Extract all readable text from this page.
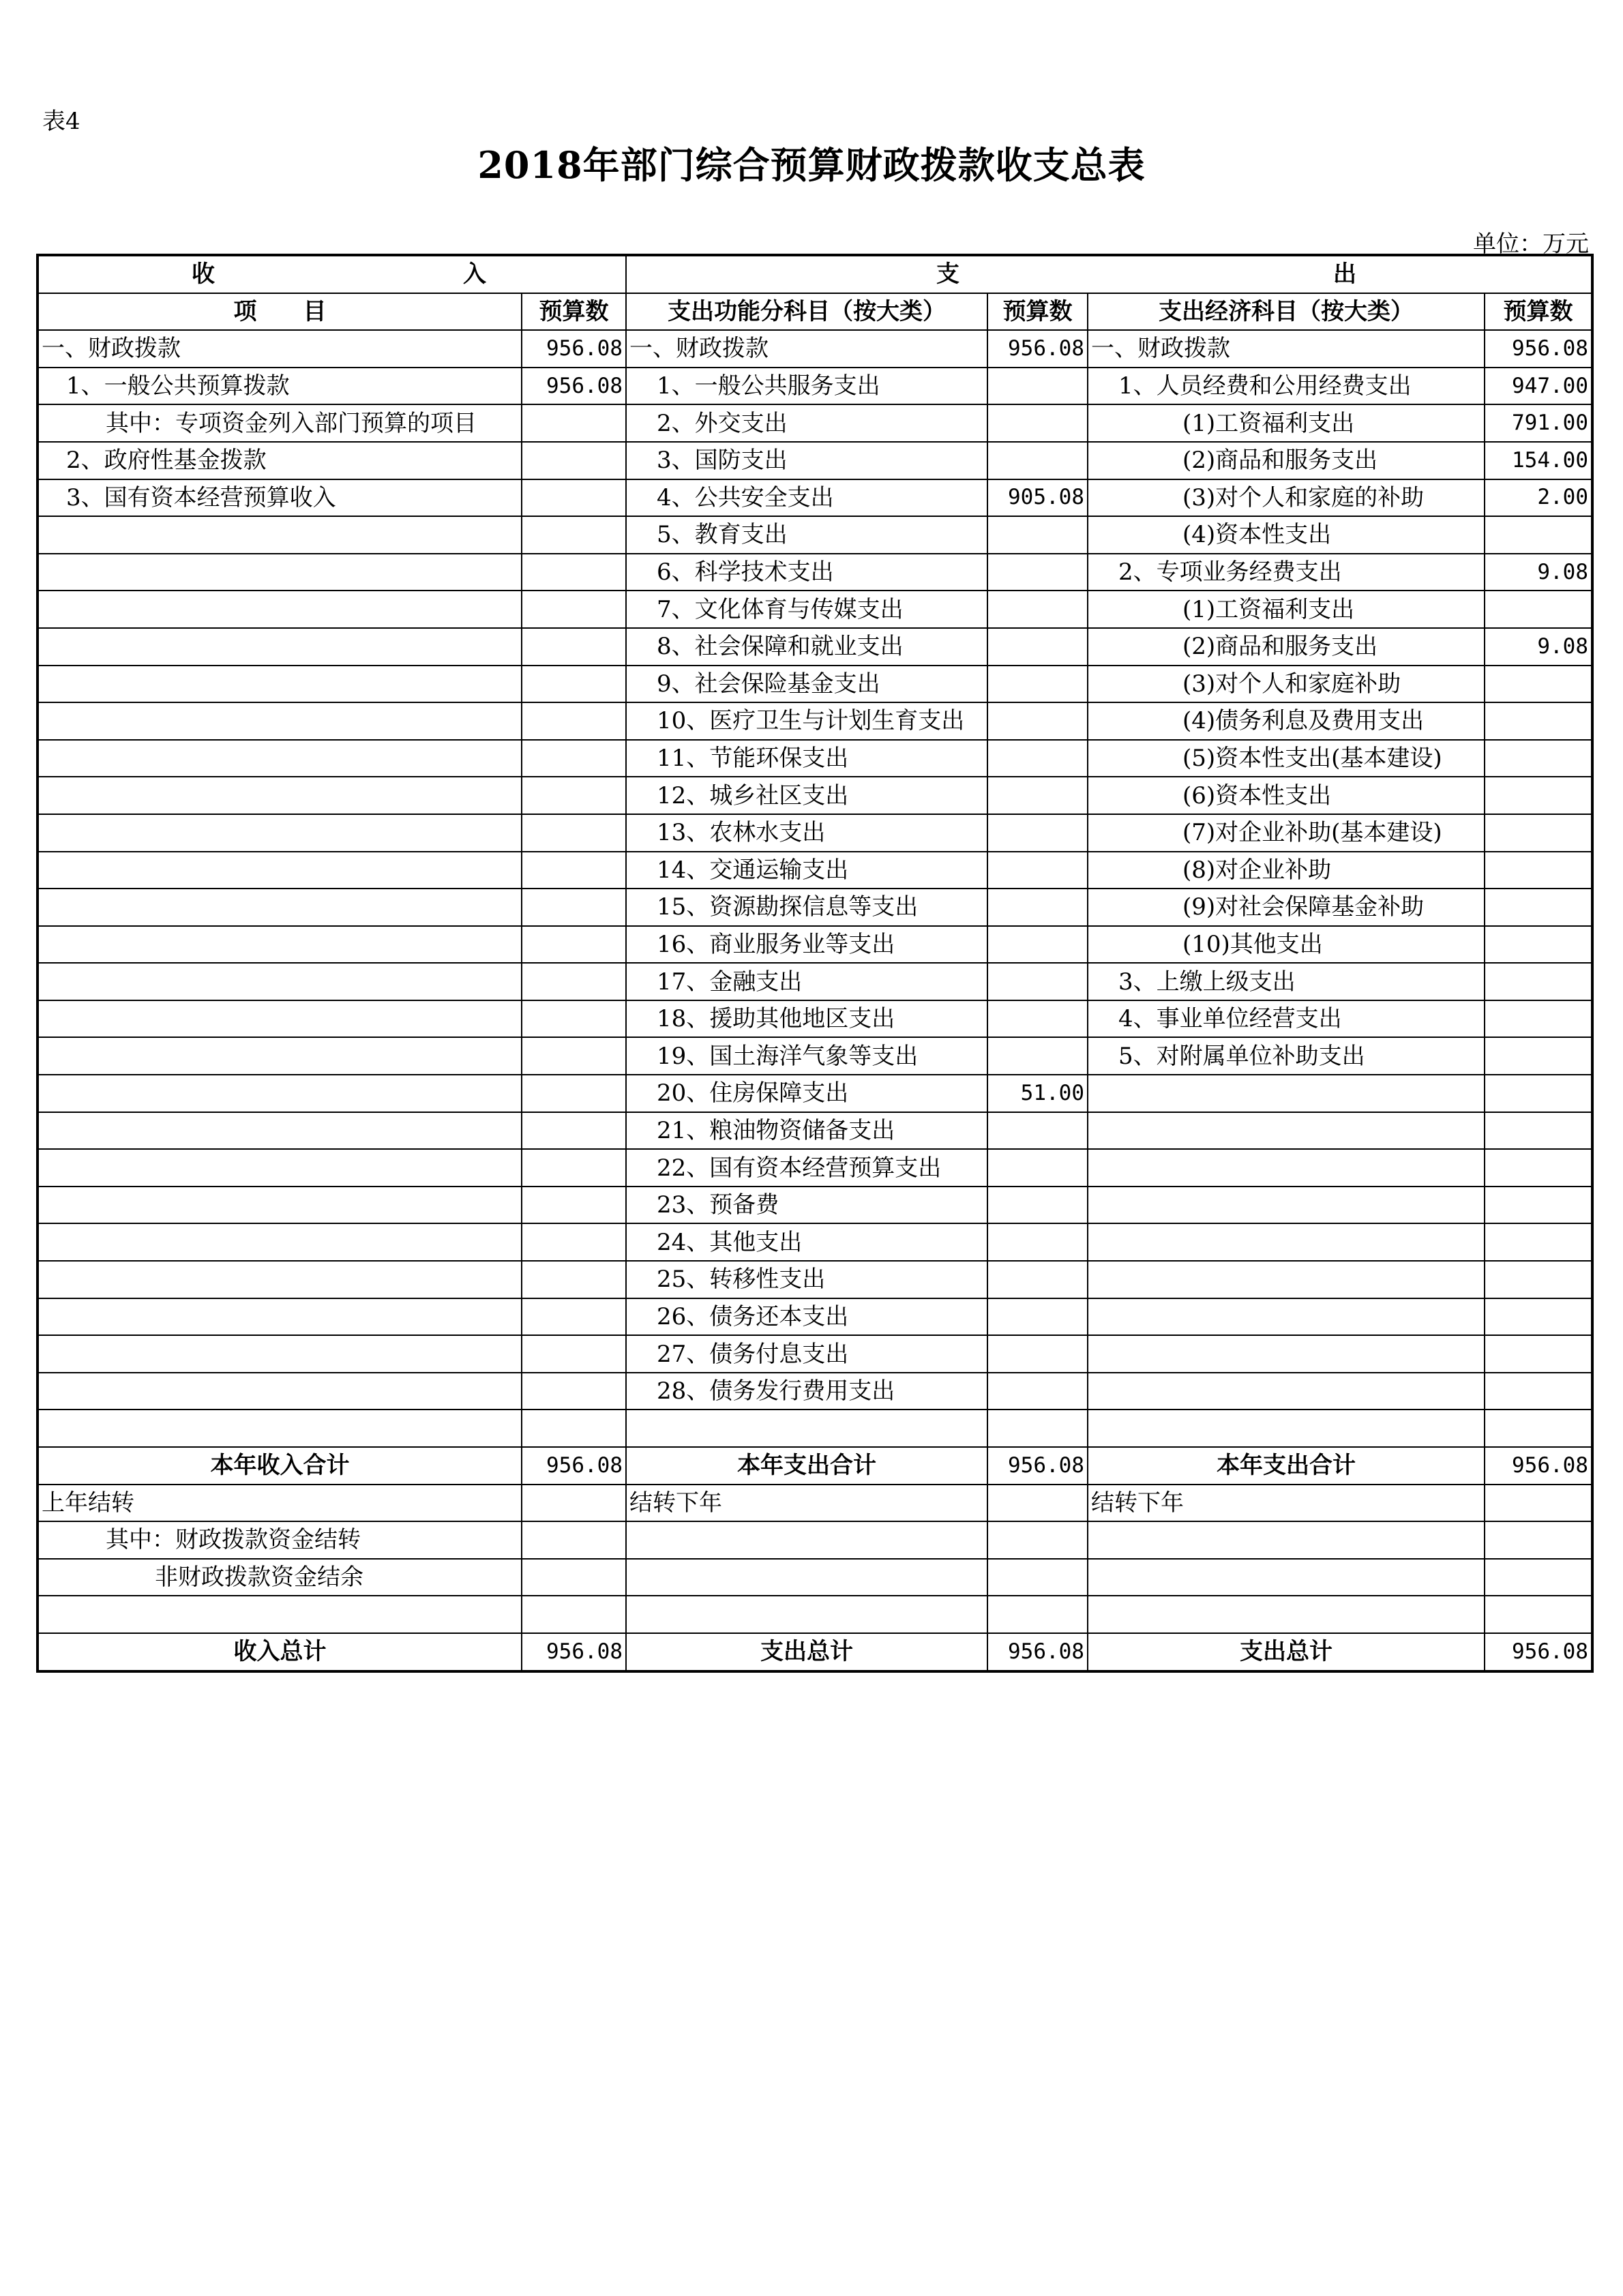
表4
2018年部门综合预算财政拨款收支总表
单位：万元
收 入		支 出			

项　　目	预算数	支出功能分科目（按大类）	预算数	支出经济科目（按大类）	预算数
一、财政拨款	956.08	一、财政拨款	956.08	一、财政拨款	956.08
1、一般公共预算拨款	956.08	1、一般公共服务支出		1、人员经费和公用经费支出	947.00
其中：专项资金列入部门预算的项目		2、外交支出		(1)工资福利支出	791.00
2、政府性基金拨款		3、国防支出		(2)商品和服务支出	154.00
3、国有资本经营预算收入		4、公共安全支出	905.08	(3)对个人和家庭的补助	2.00
		5、教育支出		(4)资本性支出	
		6、科学技术支出		2、专项业务经费支出	9.08
		7、文化体育与传媒支出		(1)工资福利支出	
		8、社会保障和就业支出		(2)商品和服务支出	9.08
		9、社会保险基金支出		(3)对个人和家庭补助	
		10、医疗卫生与计划生育支出		(4)债务利息及费用支出	
		11、节能环保支出		(5)资本性支出(基本建设)	
		12、城乡社区支出		(6)资本性支出	
		13、农林水支出		(7)对企业补助(基本建设)	
		14、交通运输支出		(8)对企业补助	
		15、资源勘探信息等支出		(9)对社会保障基金补助	
		16、商业服务业等支出		(10)其他支出	
		17、金融支出		3、上缴上级支出	
		18、援助其他地区支出		4、事业单位经营支出	
		19、国土海洋气象等支出		5、对附属单位补助支出	
		20、住房保障支出	51.00		
		21、粮油物资储备支出			
		22、国有资本经营预算支出			
		23、预备费			
		24、其他支出			
		25、转移性支出			
		26、债务还本支出			
		27、债务付息支出			
		28、债务发行费用支出			

本年收入合计	956.08	本年支出合计	956.08	本年支出合计	956.08
上年结转		结转下年		结转下年	
其中：财政拨款资金结转					
非财政拨款资金结余					

收入总计	956.08	支出总计	956.08	支出总计	956.08
